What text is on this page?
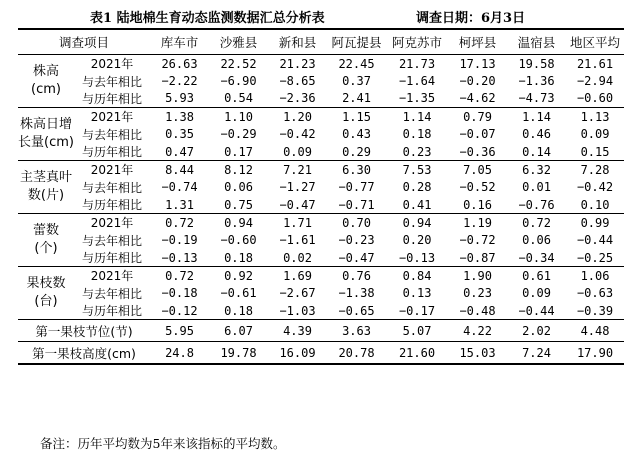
表1 陆地棉生育动态监测数据汇总分析表	调查日期：6月3日
调查项目		库车市	沙雅县	新和县	阿瓦提县	阿克苏市	柯坪县	温宿县	地区平均

株高
(cm)	2021年	26.63	22.52	21.23	22.45	21.73	17.13	19.58	21.61
	与去年相比	−2.22	−6.90	−8.65	0.37	−1.64	−0.20	−1.36	−2.94
	与历年相比	5.93	0.54	−2.36	2.41	−1.35	−4.62	−4.73	−0.60

株高日增
长量(cm)	2021年	1.38	1.10	1.20	1.15	1.14	0.79	1.14	1.13
	与去年相比	0.35	−0.29	−0.42	0.43	0.18	−0.07	0.46	0.09
	与历年相比	0.47	0.17	0.09	0.29	0.23	−0.36	0.14	0.15

主茎真叶
数(片)	2021年	8.44	8.12	7.21	6.30	7.53	7.05	6.32	7.28
	与去年相比	−0.74	0.06	−1.27	−0.77	0.28	−0.52	0.01	−0.42
	与历年相比	1.31	0.75	−0.47	−0.71	0.41	0.16	−0.76	0.10

蕾数
(个)	2021年	0.72	0.94	1.71	0.70	0.94	1.19	0.72	0.99
	与去年相比	−0.19	−0.60	−1.61	−0.23	0.20	−0.72	0.06	−0.44
	与历年相比	−0.13	0.18	0.02	−0.47	−0.13	−0.87	−0.34	−0.25

果枝数
(台)	2021年	0.72	0.92	1.69	0.76	0.84	1.90	0.61	1.06
	与去年相比	−0.18	−0.61	−2.67	−1.38	0.13	0.23	0.09	−0.63
	与历年相比	−0.12	0.18	−1.03	−0.65	−0.17	−0.48	−0.44	−0.39
第一果枝节位(节)		5.95	6.07	4.39	3.63	5.07	4.22	2.02	4.48
第一果枝高度(cm)		24.8	19.78	16.09	20.78	21.60	15.03	7.24	17.90
备注：历年平均数为5年来该指标的平均数。
